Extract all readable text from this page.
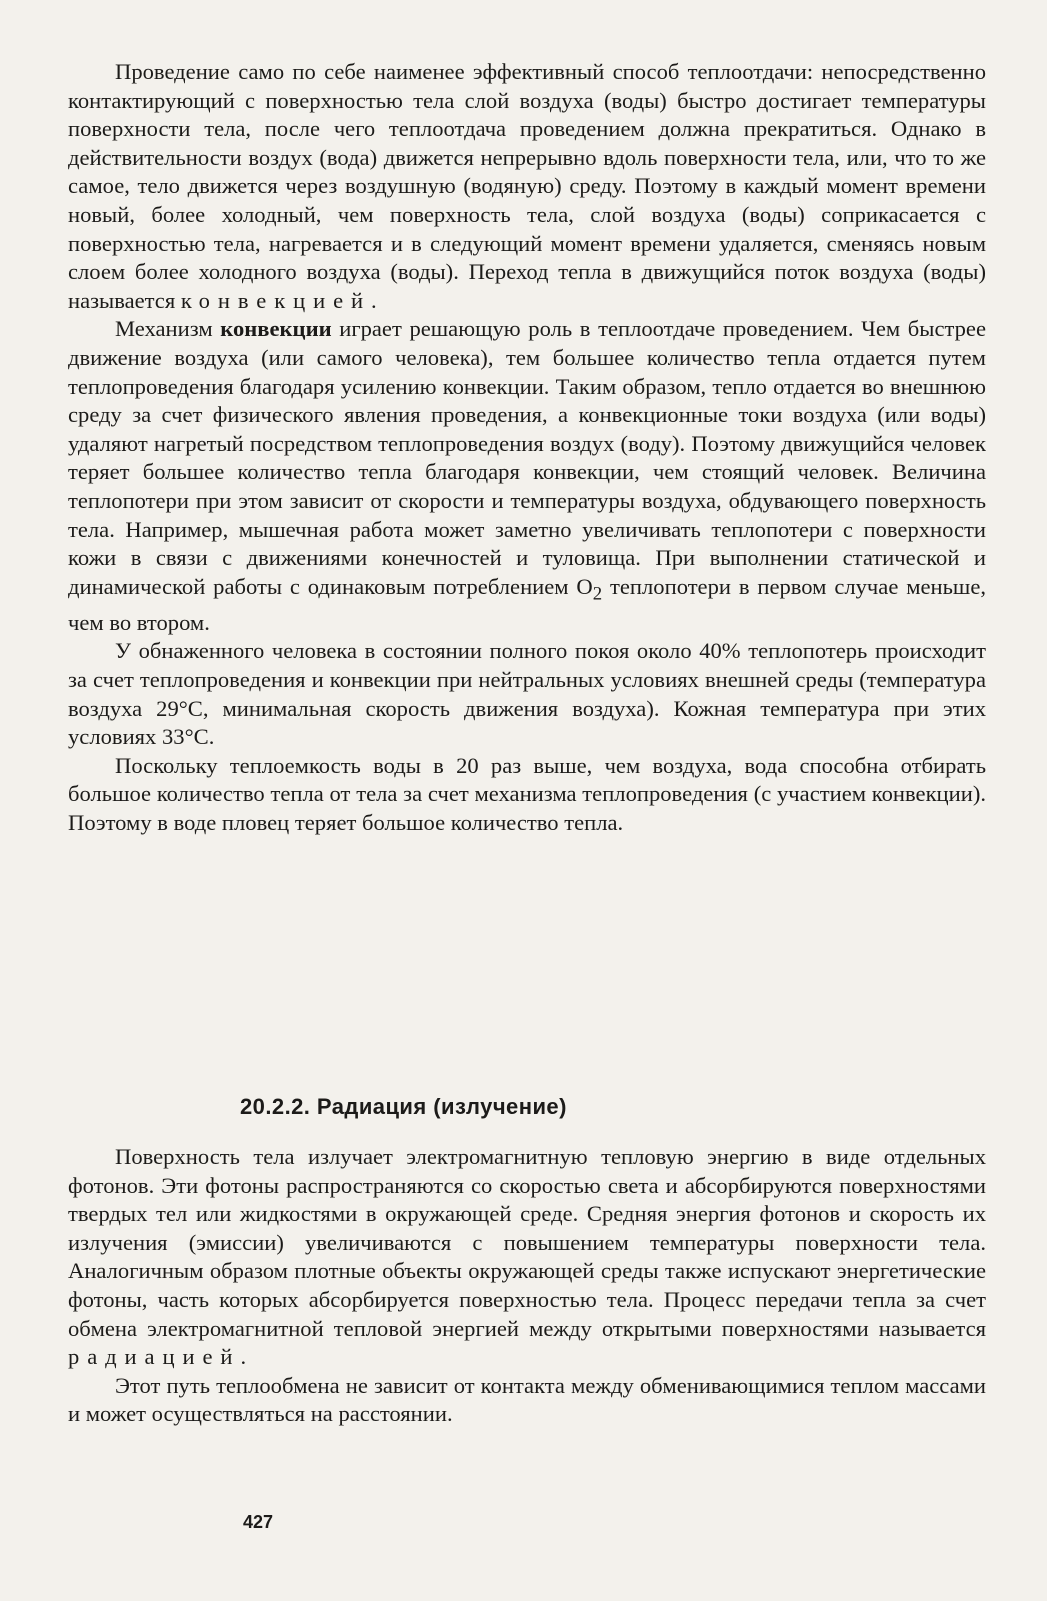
Проведение само по себе наименее эффективный способ теплоотдачи: непосредственно контактирующий с поверхностью тела слой воздуха (воды) быстро достигает температуры поверхности тела, после чего теплоотдача проведением должна прекратиться. Однако в действительности воздух (вода) движется непрерывно вдоль поверхности тела, или, что то же самое, тело движется через воздушную (водяную) среду. Поэтому в каждый момент времени новый, более холодный, чем поверхность тела, слой воздуха (воды) соприкасается с поверхностью тела, нагревается и в следующий момент времени удаляется, сменяясь новым слоем более холодного воздуха (воды). Переход тепла в движущийся поток воздуха (воды) называется конвекцией.

Механизм конвекции играет решающую роль в теплоотдаче проведением. Чем быстрее движение воздуха (или самого человека), тем большее количество тепла отдается путем теплопроведения благодаря усилению конвекции. Таким образом, тепло отдается во внешнюю среду за счет физического явления проведения, а конвекционные токи воздуха (или воды) удаляют нагретый посредством теплопроведения воздух (воду). Поэтому движущийся человек теряет большее количество тепла благодаря конвекции, чем стоящий человек. Величина теплопотери при этом зависит от скорости и температуры воздуха, обдувающего поверхность тела. Например, мышечная работа может заметно увеличивать теплопотери с поверхности кожи в связи с движениями конечностей и туловища. При выполнении статической и динамической работы с одинаковым потреблением $O_2$ теплопотери в первом случае меньше, чем во втором.

У обнаженного человека в состоянии полного покоя около 40% теплопотерь происходит за счет теплопроведения и конвекции при нейтральных условиях внешней среды (температура воздуха 29°C, минимальная скорость движения воздуха). Кожная температура при этих условиях 33°C.

Поскольку теплоемкость воды в 20 раз выше, чем воздуха, вода способна отбирать большое количество тепла от тела за счет механизма теплопроведения (с участием конвекции). Поэтому в воде пловец теряет большое количество тепла.

20.2.2. Радиация (излучение)

Поверхность тела излучает электромагнитную тепловую энергию в виде отдельных фотонов. Эти фотоны распространяются со скоростью света и абсорбируются поверхностями твердых тел или жидкостями в окружающей среде. Средняя энергия фотонов и скорость их излучения (эмиссии) увеличиваются с повышением температуры поверхности тела. Аналогичным образом плотные объекты окружающей среды также испускают энергетические фотоны, часть которых абсорбируется поверхностью тела. Процесс передачи тепла за счет обмена электромагнитной тепловой энергией между открытыми поверхностями называется радиацией.

Этот путь теплообмена не зависит от контакта между обменивающимися теплом массами и может осуществляться на расстоянии.

427
